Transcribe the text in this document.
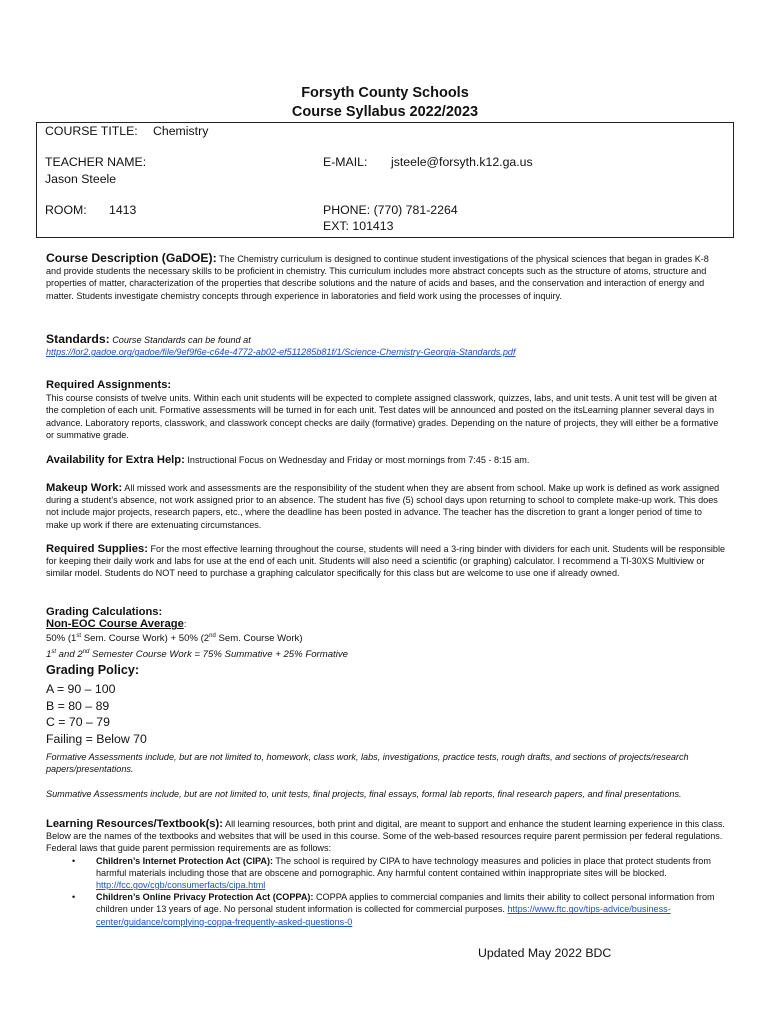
Forsyth County Schools
Course Syllabus 2022/2023
COURSE TITLE: Chemistry
TEACHER NAME:
Jason Steele
E-MAIL: jsteele@forsyth.k12.ga.us
ROOM: 1413	PHONE: (770) 781-2264
EXT: 101413
Course Description (GaDOE): The Chemistry curriculum is designed to continue student investigations of the physical sciences that began in grades K-8 and provide students the necessary skills to be proficient in chemistry. This curriculum includes more abstract concepts such as the structure of atoms, structure and properties of matter, characterization of the properties that describe solutions and the nature of acids and bases, and the conservation and interaction of energy and matter. Students investigate chemistry concepts through experience in laboratories and field work using the processes of inquiry.
Standards: Course Standards can be found at
https://lor2.gadoe.org/gadoe/file/9ef9f6e-c64e-4772-ab02-ef511285b81f/1/Science-Chemistry-Georgia-Standards.pdf
Required Assignments:
This course consists of twelve units. Within each unit students will be expected to complete assigned classwork, quizzes, labs, and unit tests. A unit test will be given at the completion of each unit. Formative assessments will be turned in for each unit. Test dates will be announced and posted on the itsLearning planner several days in advance. Laboratory reports, classwork, and classwork concept checks are daily (formative) grades. Depending on the nature of projects, they will either be a formative or summative grade.
Availability for Extra Help: Instructional Focus on Wednesday and Friday or most mornings from 7:45 - 8:15 am.
Makeup Work: All missed work and assessments are the responsibility of the student when they are absent from school. Make up work is defined as work assigned during a student’s absence, not work assigned prior to an absence. The student has five (5) school days upon returning to school to complete make-up work. This does not include major projects, research papers, etc., where the deadline has been posted in advance. The teacher has the discretion to grant a longer period of time to make up work if there are extenuating circumstances.
Required Supplies: For the most effective learning throughout the course, students will need a 3-ring binder with dividers for each unit. Students will be responsible for keeping their daily work and labs for use at the end of each unit. Students will also need a scientific (or graphing) calculator. I recommend a TI-30XS Multiview or similar model. Students do NOT need to purchase a graphing calculator specifically for this class but are welcome to use one if already owned.
Grading Calculations:
Non-EOC Course Average:
50% (1st Sem. Course Work) + 50% (2nd Sem. Course Work)
1st and 2nd Semester Course Work = 75% Summative + 25% Formative
Grading Policy:
A = 90 – 100
B = 80 – 89
C = 70 – 79
Failing = Below 70
Formative Assessments include, but are not limited to, homework, class work, labs, investigations, practice tests, rough drafts, and sections of projects/research papers/presentations.
Summative Assessments include, but are not limited to, unit tests, final projects, final essays, formal lab reports, final research papers, and final presentations.
Learning Resources/Textbook(s): All learning resources, both print and digital, are meant to support and enhance the student learning experience in this class. Below are the names of the textbooks and websites that will be used in this course. Some of the web-based resources require parent permission per federal regulations. Federal laws that guide parent permission requirements are as follows:
• Children’s Internet Protection Act (CIPA): The school is required by CIPA to have technology measures and policies in place that protect students from harmful materials including those that are obscene and pornographic. Any harmful content contained within inappropriate sites will be blocked. http://fcc.gov/cgb/consumerfacts/cipa.html
• Children’s Online Privacy Protection Act (COPPA): COPPA applies to commercial companies and limits their ability to collect personal information from children under 13 years of age. No personal student information is collected for commercial purposes. https://www.ftc.gov/tips-advice/business-center/guidance/complying-coppa-frequently-asked-questions-0
Updated May 2022 BDC
